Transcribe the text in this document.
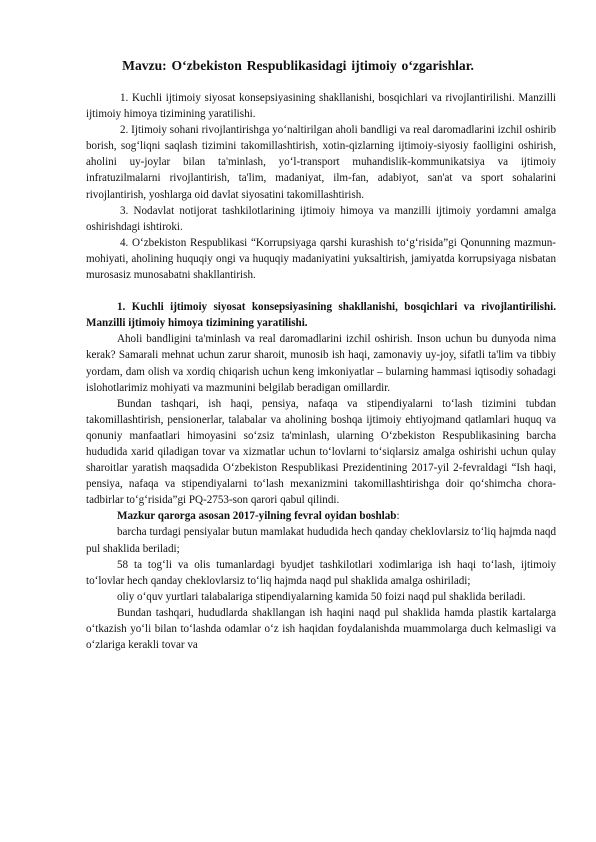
Mavzu: O‘zbekiston Respublikasidagi ijtimoiy o‘zgarishlar.

1. Kuchli ijtimoiy siyosat konsepsiyasining shakllanishi, bosqichlari va rivojlantirilishi. Manzilli ijtimoiy himoya tizimining yaratilishi.

2. Ijtimoiy sohani rivojlantirishga yo‘naltirilgan aholi bandligi va real daromadlarini izchil oshirib borish, sog‘liqni saqlash tizimini takomillashtirish, xotin-qizlarning ijtimoiy-siyosiy faolligini oshirish, aholini uy-joylar bilan ta'minlash, yo‘l-transport muhandislik-kommunikatsiya va ijtimoiy infratuzilmalarni rivojlantirish, ta'lim, madaniyat, ilm-fan, adabiyot, san'at va sport sohalarini rivojlantirish, yoshlarga oid davlat siyosatini takomillashtirish.

3. Nodavlat notijorat tashkilotlarining ijtimoiy himoya va manzilli ijtimoiy yordamni amalga oshirishdagi ishtiroki.

4. O‘zbekiston Respublikasi “Korrupsiyaga qarshi kurashish to‘g‘risida”gi Qonunning mazmun-mohiyati, aholining huquqiy ongi va huquqiy madaniyatini yuksaltirish, jamiyatda korrupsiyaga nisbatan murosasiz munosabatni shakllantirish.

1. Kuchli ijtimoiy siyosat konsepsiyasining shakllanishi, bosqichlari va rivojlantirilishi. Manzilli ijtimoiy himoya tizimining yaratilishi.

Aholi bandligini ta'minlash va real daromadlarini izchil oshirish. Inson uchun bu dunyoda nima kerak? Samarali mehnat uchun zarur sharoit, munosib ish haqi, zamonaviy uy-joy, sifatli ta'lim va tibbiy yordam, dam olish va xordiq chiqarish uchun keng imkoniyatlar – bularning hammasi iqtisodiy sohadagi islohotlarimiz mohiyati va mazmunini belgilab beradigan omillardir.

Bundan tashqari, ish haqi, pensiya, nafaqa va stipendiyalarni to‘lash tizimini tubdan takomillashtirish, pensionerlar, talabalar va aholining boshqa ijtimoiy ehtiyojmand qatlamlari huquq va qonuniy manfaatlari himoyasini so‘zsiz ta'minlash, ularning O‘zbekiston Respublikasining barcha hududida xarid qiladigan tovar va xizmatlar uchun to‘lovlarni to‘siqlarsiz amalga oshirishi uchun qulay sharoitlar yaratish maqsadida O‘zbekiston Respublikasi Prezidentining 2017-yil 2-fevraldagi “Ish haqi, pensiya, nafaqa va stipendiyalarni to‘lash mexanizmini takomillashtirishga doir qo‘shimcha chora-tadbirlar to‘g‘risida”gi PQ-2753-son qarori qabul qilindi.

Mazkur qarorga asosan 2017-yilning fevral oyidan boshlab:

barcha turdagi pensiyalar butun mamlakat hududida hech qanday cheklovlarsiz to‘liq hajmda naqd pul shaklida beriladi;

58 ta tog‘li va olis tumanlardagi byudjet tashkilotlari xodimlariga ish haqi to‘lash, ijtimoiy to‘lovlar hech qanday cheklovlarsiz to‘liq hajmda naqd pul shaklida amalga oshiriladi;

oliy o‘quv yurtlari talabalariga stipendiyalarning kamida 50 foizi naqd pul shaklida beriladi.

Bundan tashqari, hududlarda shakllangan ish haqini naqd pul shaklida hamda plastik kartalarga o‘tkazish yo‘li bilan to‘lashda odamlar o‘z ish haqidan foydalanishda muammolarga duch kelmasligi va o‘zlariga kerakli tovar va
